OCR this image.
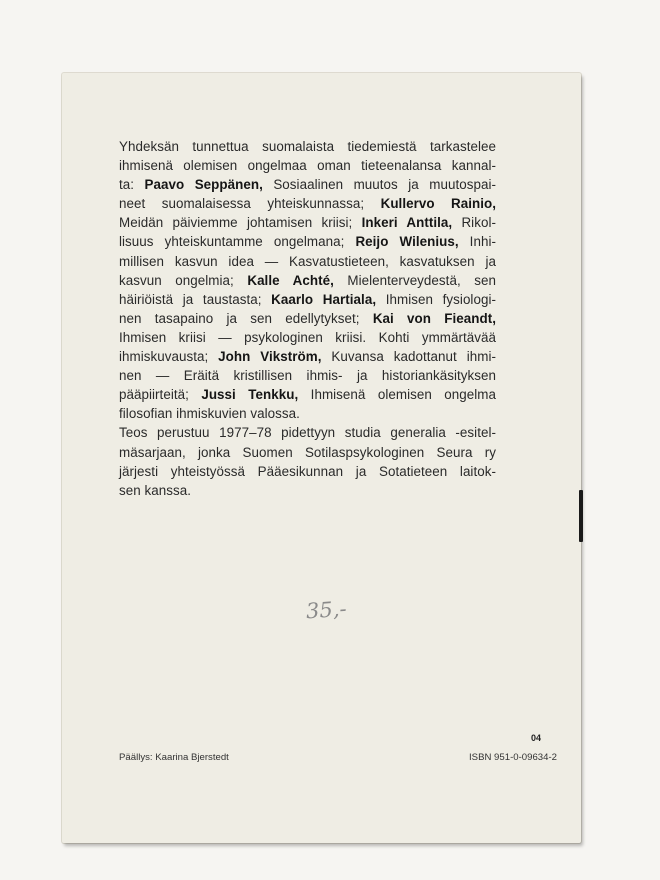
Yhdeksän tunnettua suomalaista tiedemiestä tarkastelee
ihmisenä olemisen ongelmaa oman tieteenalansa kannal-
ta: Paavo Seppänen, Sosiaalinen muutos ja muutospai-
neet suomalaisessa yhteiskunnassa; Kullervo Rainio,
Meidän päiviemme johtamisen kriisi; Inkeri Anttila, Rikol-
lisuus yhteiskuntamme ongelmana; Reijo Wilenius, Inhi-
millisen kasvun idea — Kasvatustieteen, kasvatuksen ja
kasvun ongelmia; Kalle Achté, Mielenterveydestä, sen
häiriöistä ja taustasta; Kaarlo Hartiala, Ihmisen fysiologi-
nen tasapaino ja sen edellytykset; Kai von Fieandt,
Ihmisen kriisi — psykologinen kriisi. Kohti ymmärtävää
ihmiskuvausta; John Vikström, Kuvansa kadottanut ihmi-
nen — Eräitä kristillisen ihmis- ja historiankäsityksen
pääpiirteitä; Jussi Tenkku, Ihmisenä olemisen ongelma
filosofian ihmiskuvien valossa.
Teos perustuu 1977–78 pidettyyn studia generalia -esitel-
mäsarjaan, jonka Suomen Sotilaspsykologinen Seura ry
järjesti yhteistyössä Pääesikunnan ja Sotatieteen laitok-
sen kanssa.
35,-
04
Päällys: Kaarina Bjerstedt	ISBN 951-0-09634-2
